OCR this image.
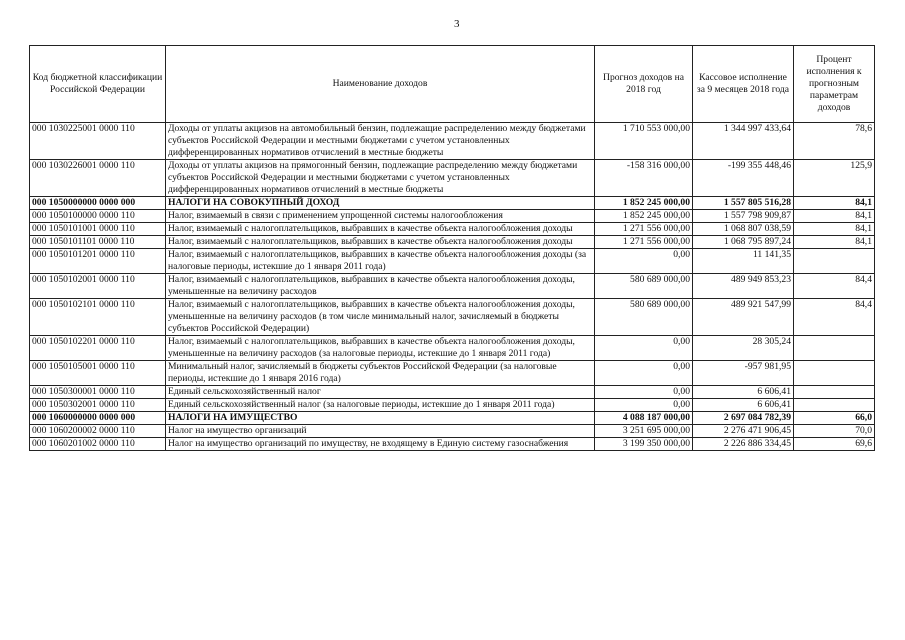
3
Код бюджетной классификации Российской Федерации	Наименование доходов	Прогноз доходов на 2018 год	Кассовое исполнение за 9 месяцев 2018 года	Процент исполнения к прогнозным параметрам доходов
000 1030225001 0000 110	Доходы от уплаты акцизов на автомобильный бензин, подлежащие распределению между бюджетами субъектов Российской Федерации и местными бюджетами с учетом установленных дифференцированных нормативов отчислений в местные бюджеты	1 710 553 000,00	1 344 997 433,64	78,6
000 1030226001 0000 110	Доходы от уплаты акцизов на прямогонный бензин, подлежащие распределению между бюджетами субъектов Российской Федерации и местными бюджетами с учетом установленных дифференцированных нормативов отчислений в местные бюджеты	-158 316 000,00	-199 355 448,46	125,9
000 1050000000 0000 000	НАЛОГИ НА СОВОКУПНЫЙ ДОХОД	1 852 245 000,00	1 557 805 516,28	84,1
000 1050100000 0000 110	Налог, взимаемый в связи с применением упрощенной системы налогообложения	1 852 245 000,00	1 557 798 909,87	84,1
000 1050101001 0000 110	Налог, взимаемый с налогоплательщиков, выбравших в качестве объекта налогообложения доходы	1 271 556 000,00	1 068 807 038,59	84,1
000 1050101101 0000 110	Налог, взимаемый с налогоплательщиков, выбравших в качестве объекта налогообложения доходы	1 271 556 000,00	1 068 795 897,24	84,1
000 1050101201 0000 110	Налог, взимаемый с налогоплательщиков, выбравших в качестве объекта налогообложения доходы (за налоговые периоды, истекшие до 1 января 2011 года)	0,00	11 141,35	
000 1050102001 0000 110	Налог, взимаемый с налогоплательщиков, выбравших в качестве объекта налогообложения доходы, уменьшенные на величину расходов	580 689 000,00	489 949 853,23	84,4
000 1050102101 0000 110	Налог, взимаемый с налогоплательщиков, выбравших в качестве объекта налогообложения доходы, уменьшенные на величину расходов (в том числе минимальный налог, зачисляемый в бюджеты субъектов Российской Федерации)	580 689 000,00	489 921 547,99	84,4
000 1050102201 0000 110	Налог, взимаемый с налогоплательщиков, выбравших в качестве объекта налогообложения доходы, уменьшенные на величину расходов (за налоговые периоды, истекшие до 1 января 2011 года)	0,00	28 305,24	
000 1050105001 0000 110	Минимальный налог, зачисляемый в бюджеты субъектов Российской Федерации (за налоговые периоды, истекшие до 1 января 2016 года)	0,00	-957 981,95	
000 1050300001 0000 110	Единый сельскохозяйственный налог	0,00	6 606,41	
000 1050302001 0000 110	Единый сельскохозяйственный налог (за налоговые периоды, истекшие до 1 января 2011 года)	0,00	6 606,41	
000 1060000000 0000 000	НАЛОГИ НА ИМУЩЕСТВО	4 088 187 000,00	2 697 084 782,39	66,0
000 1060200002 0000 110	Налог на имущество организаций	3 251 695 000,00	2 276 471 906,45	70,0
000 1060201002 0000 110	Налог на имущество организаций по имуществу, не входящему в Единую систему газоснабжения	3 199 350 000,00	2 226 886 334,45	69,6
